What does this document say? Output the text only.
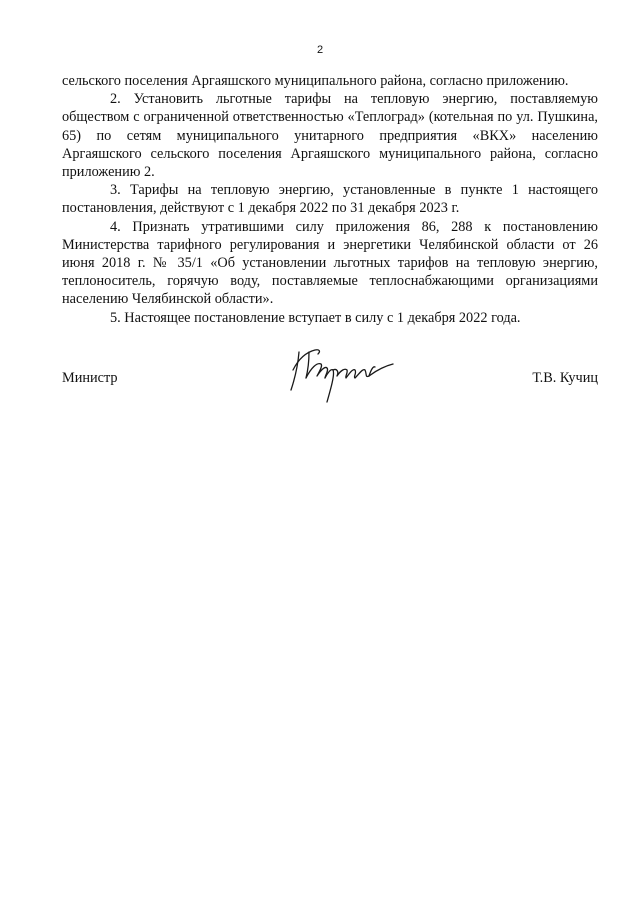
2

сельского поселения Аргаяшского муниципального района, согласно приложению.

2. Установить льготные тарифы на тепловую энергию, поставляемую обществом с ограниченной ответственностью «Теплоград» (котельная по ул. Пушкина, 65) по сетям муниципального унитарного предприятия «ВКХ» населению Аргаяшского сельского поселения Аргаяшского муниципального района, согласно приложению 2.

3. Тарифы на тепловую энергию, установленные в пункте 1 настоящего постановления, действуют с 1 декабря 2022 по 31 декабря 2023 г.

4. Признать утратившими силу приложения 86, 288 к постановлению Министерства тарифного регулирования и энергетики Челябинской области от 26 июня 2018 г. № 35/1 «Об установлении льготных тарифов на тепловую энергию, теплоноситель, горячую воду, поставляемые теплоснабжающими организациями населению Челябинской области».

5. Настоящее постановление вступает в силу с 1 декабря 2022 года.

Министр	Т.В. Кучиц
